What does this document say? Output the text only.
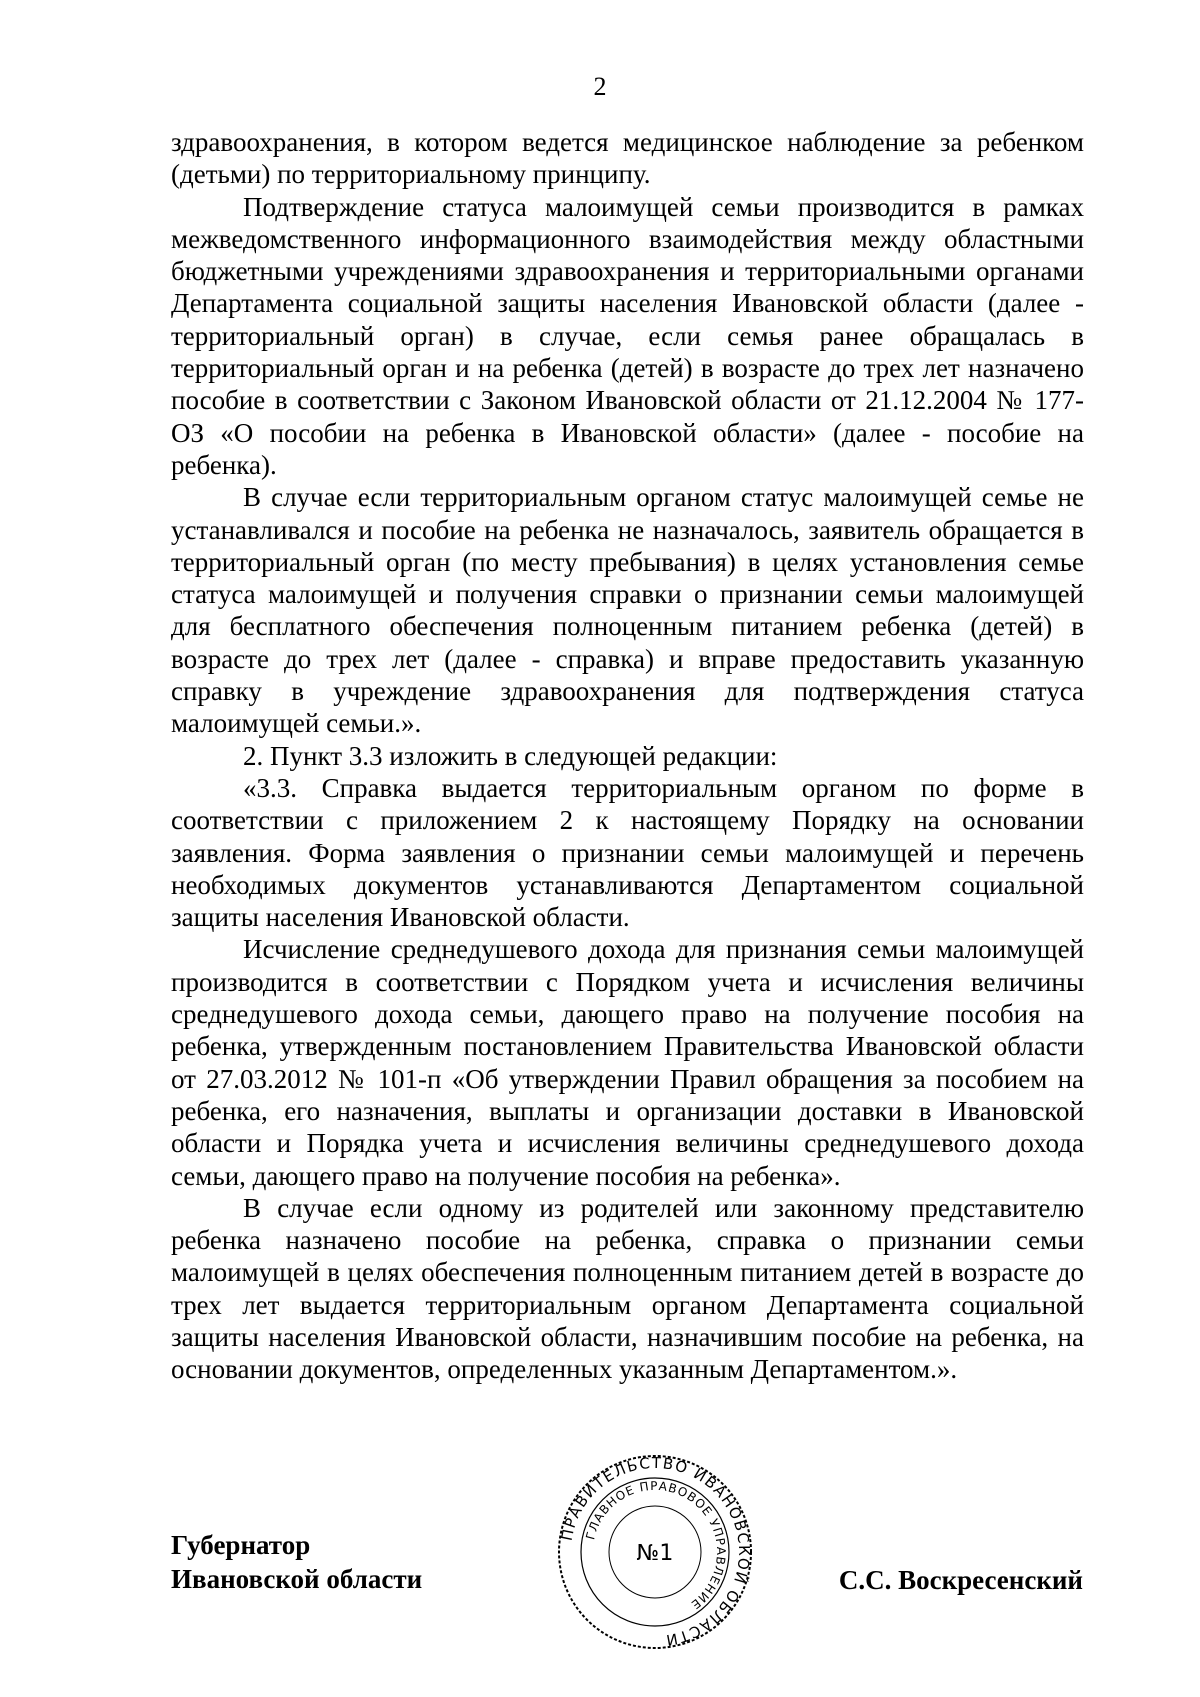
2

здравоохранения, в котором ведется медицинское наблюдение за ребенком (детьми) по территориальному принципу.

Подтверждение статуса малоимущей семьи производится в рамках межведомственного информационного взаимодействия между областными бюджетными учреждениями здравоохранения и территориальными органами Департамента социальной защиты населения Ивановской области (далее - территориальный орган) в случае, если семья ранее обращалась в территориальный орган и на ребенка (детей) в возрасте до трех лет назначено пособие в соответствии с Законом Ивановской области от 21.12.2004 № 177-ОЗ «О пособии на ребенка в Ивановской области» (далее - пособие на ребенка).

В случае если территориальным органом статус малоимущей семье не устанавливался и пособие на ребенка не назначалось, заявитель обращается в территориальный орган (по месту пребывания) в целях установления семье статуса малоимущей и получения справки о признании семьи малоимущей для бесплатного обеспечения полноценным питанием ребенка (детей) в возрасте до трех лет (далее - справка) и вправе предоставить указанную справку в учреждение здравоохранения для подтверждения статуса малоимущей семьи.».

2. Пункт 3.3 изложить в следующей редакции:

«3.3. Справка выдается территориальным органом по форме в соответствии с приложением 2 к настоящему Порядку на основании заявления. Форма заявления о признании семьи малоимущей и перечень необходимых документов устанавливаются Департаментом социальной защиты населения Ивановской области.

Исчисление среднедушевого дохода для признания семьи малоимущей производится в соответствии с Порядком учета и исчисления величины среднедушевого дохода семьи, дающего право на получение пособия на ребенка, утвержденным постановлением Правительства Ивановской области от 27.03.2012 № 101-п «Об утверждении Правил обращения за пособием на ребенка, его назначения, выплаты и организации доставки в Ивановской области и Порядка учета и исчисления величины среднедушевого дохода семьи, дающего право на получение пособия на ребенка».

В случае если одному из родителей или законному представителю ребенка назначено пособие на ребенка, справка о признании семьи малоимущей в целях обеспечения полноценным питанием детей в возрасте до трех лет выдается территориальным органом Департамента социальной защиты населения Ивановской области, назначившим пособие на ребенка, на основании документов, определенных указанным Департаментом.».

Губернатор
Ивановской области
ПРАВИТЕЛЬСТВО ИВАНОВСКОЙ ОБЛАСТИ
ГЛАВНОЕ ПРАВОВОЕ УПРАВЛЕНИЕ
№1
С.С. Воскресенский
